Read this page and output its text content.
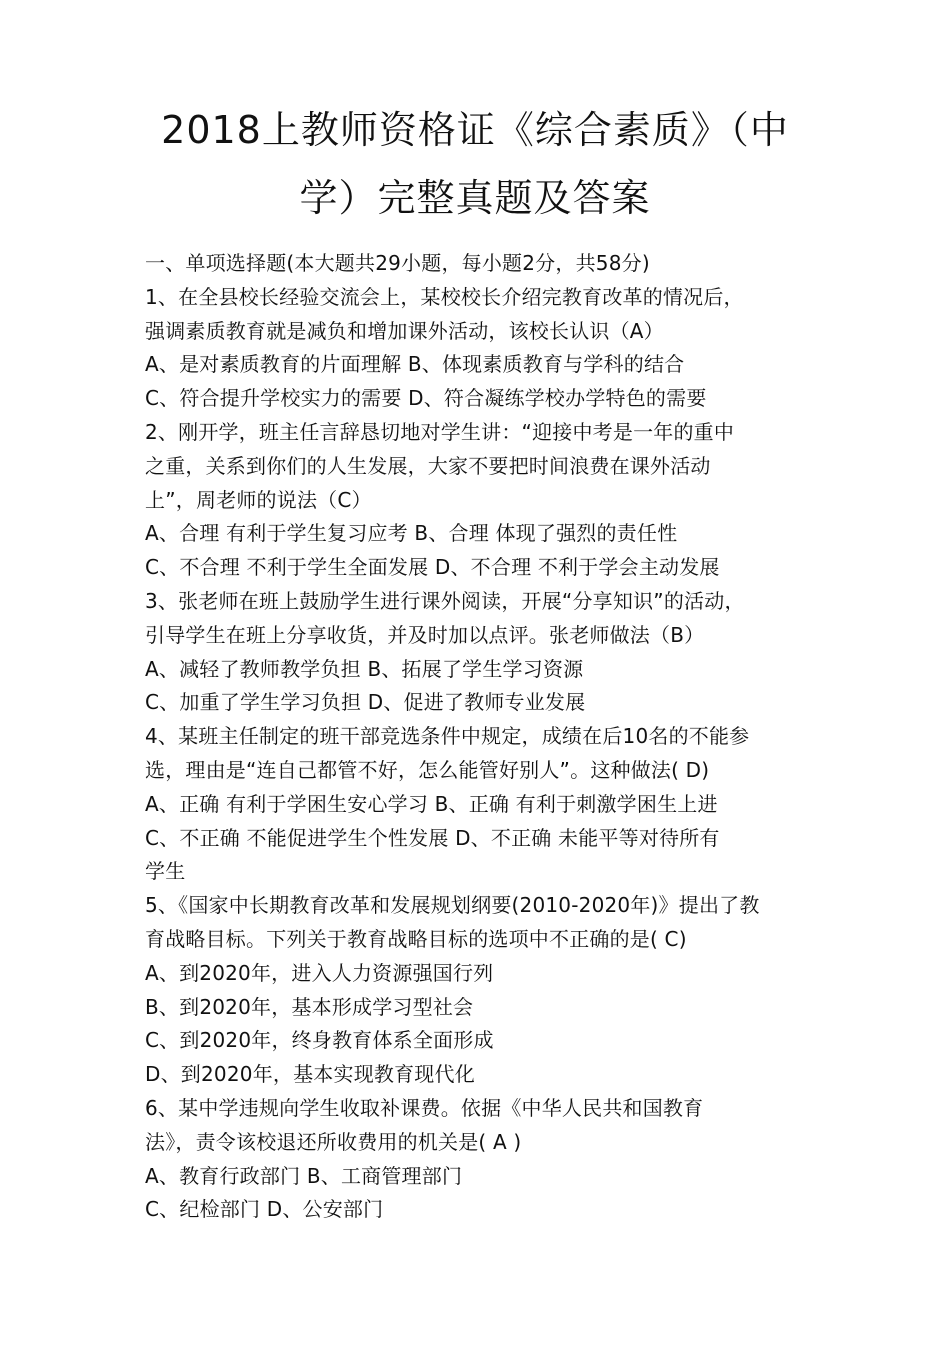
2018上教师资格证《综合素质》（中
学）完整真题及答案
一、单项选择题(本大题共29小题，每小题2分，共58分)
1、在全县校长经验交流会上，某校校长介绍完教育改革的情况后，
强调素质教育就是减负和增加课外活动，该校长认识（A）
A、是对素质教育的片面理解 B、体现素质教育与学科的结合
C、符合提升学校实力的需要 D、符合凝练学校办学特色的需要
2、刚开学，班主任言辞恳切地对学生讲：“迎接中考是一年的重中
之重，关系到你们的人生发展，大家不要把时间浪费在课外活动
上”，周老师的说法（C）
A、合理 有利于学生复习应考 B、合理 体现了强烈的责任性
C、不合理 不利于学生全面发展 D、不合理 不利于学会主动发展
3、张老师在班上鼓励学生进行课外阅读，开展“分享知识”的活动，
引导学生在班上分享收货，并及时加以点评。张老师做法（B）
A、减轻了教师教学负担 B、拓展了学生学习资源
C、加重了学生学习负担 D、促进了教师专业发展
4、某班主任制定的班干部竞选条件中规定，成绩在后10名的不能参
选，理由是“连自己都管不好，怎么能管好别人”。这种做法( D)
A、正确 有利于学困生安心学习 B、正确 有利于刺激学困生上进
C、不正确 不能促进学生个性发展 D、不正确 未能平等对待所有
学生
5、《国家中长期教育改革和发展规划纲要(2010-2020年)》提出了教
育战略目标。下列关于教育战略目标的选项中不正确的是( C)
A、到2020年，进入人力资源强国行列
B、到2020年，基本形成学习型社会
C、到2020年，终身教育体系全面形成
D、到2020年，基本实现教育现代化
6、某中学违规向学生收取补课费。依据《中华人民共和国教育
法》，责令该校退还所收费用的机关是( A )
A、教育行政部门 B、工商管理部门
C、纪检部门 D、公安部门
